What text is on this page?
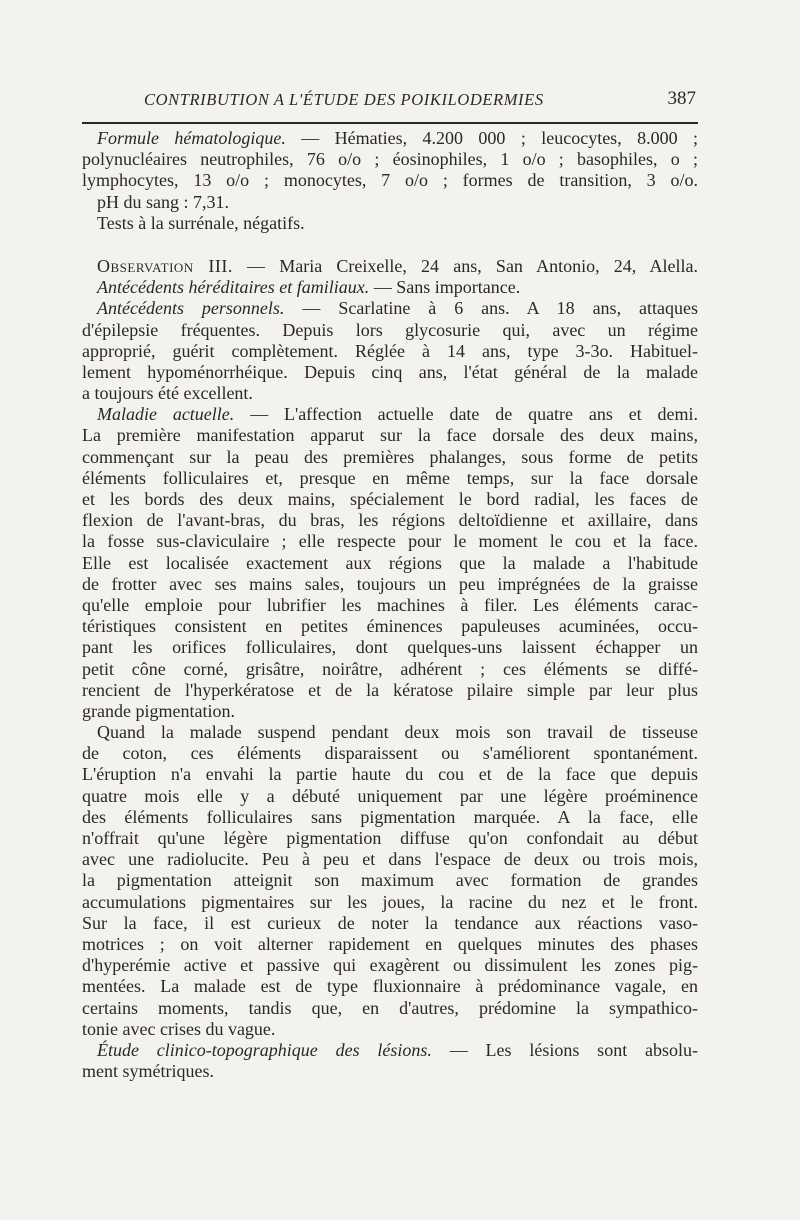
CONTRIBUTION A L'ÉTUDE DES POIKILODERMIES	387
Formule hématologique. — Hématies, 4.200 000 ; leucocytes, 8.000 ;
polynucléaires neutrophiles, 76 o/o ; éosinophiles, 1 o/o ; basophiles, o ;
lymphocytes, 13 o/o ; monocytes, 7 o/o ; formes de transition, 3 o/o.
pH du sang : 7,31.
Tests à la surrénale, négatifs.
Observation III. — Maria Creixelle, 24 ans, San Antonio, 24, Alella.
Antécédents héréditaires et familiaux. — Sans importance.
Antécédents personnels. — Scarlatine à 6 ans. A 18 ans, attaques
d'épilepsie fréquentes. Depuis lors glycosurie qui, avec un régime
approprié, guérit complètement. Réglée à 14 ans, type 3-3o. Habituel-
lement hypoménorrhéique. Depuis cinq ans, l'état général de la malade
a toujours été excellent.
Maladie actuelle. — L'affection actuelle date de quatre ans et demi.
La première manifestation apparut sur la face dorsale des deux mains,
commençant sur la peau des premières phalanges, sous forme de petits
éléments folliculaires et, presque en même temps, sur la face dorsale
et les bords des deux mains, spécialement le bord radial, les faces de
flexion de l'avant-bras, du bras, les régions deltoïdienne et axillaire, dans
la fosse sus-claviculaire ; elle respecte pour le moment le cou et la face.
Elle est localisée exactement aux régions que la malade a l'habitude
de frotter avec ses mains sales, toujours un peu imprégnées de la graisse
qu'elle emploie pour lubrifier les machines à filer. Les éléments carac-
téristiques consistent en petites éminences papuleuses acuminées, occu-
pant les orifices folliculaires, dont quelques-uns laissent échapper un
petit cône corné, grisâtre, noirâtre, adhérent ; ces éléments se diffé-
rencient de l'hyperkératose et de la kératose pilaire simple par leur plus
grande pigmentation.
Quand la malade suspend pendant deux mois son travail de tisseuse
de coton, ces éléments disparaissent ou s'améliorent spontanément.
L'éruption n'a envahi la partie haute du cou et de la face que depuis
quatre mois elle y a débuté uniquement par une légère proéminence
des éléments folliculaires sans pigmentation marquée. A la face, elle
n'offrait qu'une légère pigmentation diffuse qu'on confondait au début
avec une radiolucite. Peu à peu et dans l'espace de deux ou trois mois,
la pigmentation atteignit son maximum avec formation de grandes
accumulations pigmentaires sur les joues, la racine du nez et le front.
Sur la face, il est curieux de noter la tendance aux réactions vaso-
motrices ; on voit alterner rapidement en quelques minutes des phases
d'hyperémie active et passive qui exagèrent ou dissimulent les zones pig-
mentées. La malade est de type fluxionnaire à prédominance vagale, en
certains moments, tandis que, en d'autres, prédomine la sympathico-
tonie avec crises du vague.
Étude clinico-topographique des lésions. — Les lésions sont absolu-
ment symétriques.
